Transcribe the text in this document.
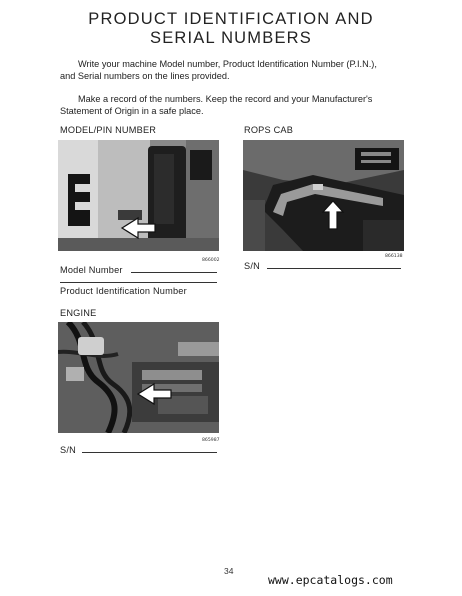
PRODUCT IDENTIFICATION AND
SERIAL NUMBERS
Write your machine Model number, Product Identification Number (P.I.N.),
and Serial numbers on the lines provided.
Make a record of the numbers. Keep the record and your Manufacturer's
Statement of Origin in a safe place.
MODEL/PIN NUMBER
866002
Model Number
Product Identification Number
ROPS CAB
866138
S/N
ENGINE
865987
S/N
34
www.epcatalogs.com
